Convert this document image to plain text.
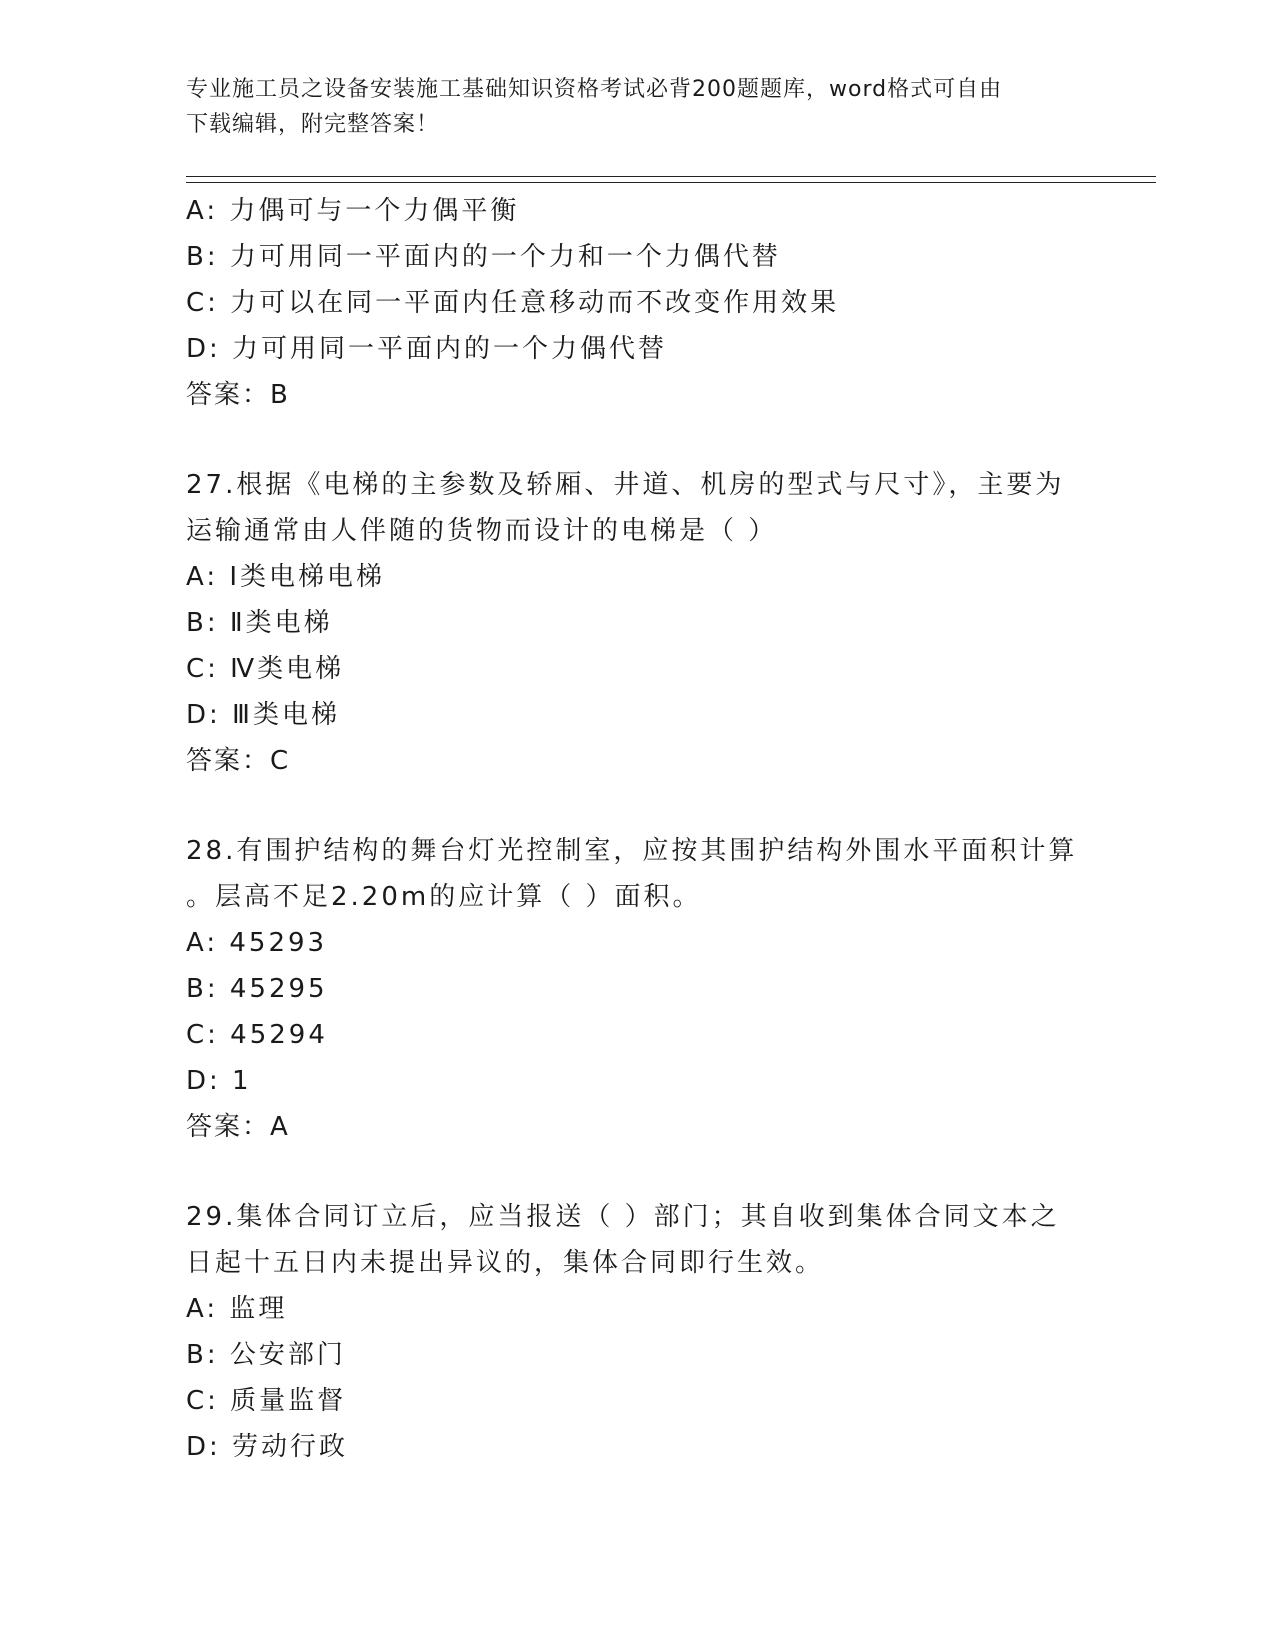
专业施工员之设备安装施工基础知识资格考试必背200题题库，word格式可自由
下载编辑，附完整答案！
A: 力偶可与一个力偶平衡
B: 力可用同一平面内的一个力和一个力偶代替
C: 力可以在同一平面内任意移动而不改变作用效果
D: 力可用同一平面内的一个力偶代替
答案：B
27.根据《电梯的主参数及轿厢、井道、机房的型式与尺寸》，主要为
运输通常由人伴随的货物而设计的电梯是（ ）
A: Ⅰ类电梯电梯
B: Ⅱ类电梯
C: Ⅳ类电梯
D: Ⅲ类电梯
答案：C
28.有围护结构的舞台灯光控制室，应按其围护结构外围水平面积计算
。层高不足2.20m的应计算（ ）面积。
A: 45293
B: 45295
C: 45294
D: 1
答案：A
29.集体合同订立后，应当报送（ ）部门；其自收到集体合同文本之
日起十五日内未提出异议的，集体合同即行生效。
A: 监理
B: 公安部门
C: 质量监督
D: 劳动行政
